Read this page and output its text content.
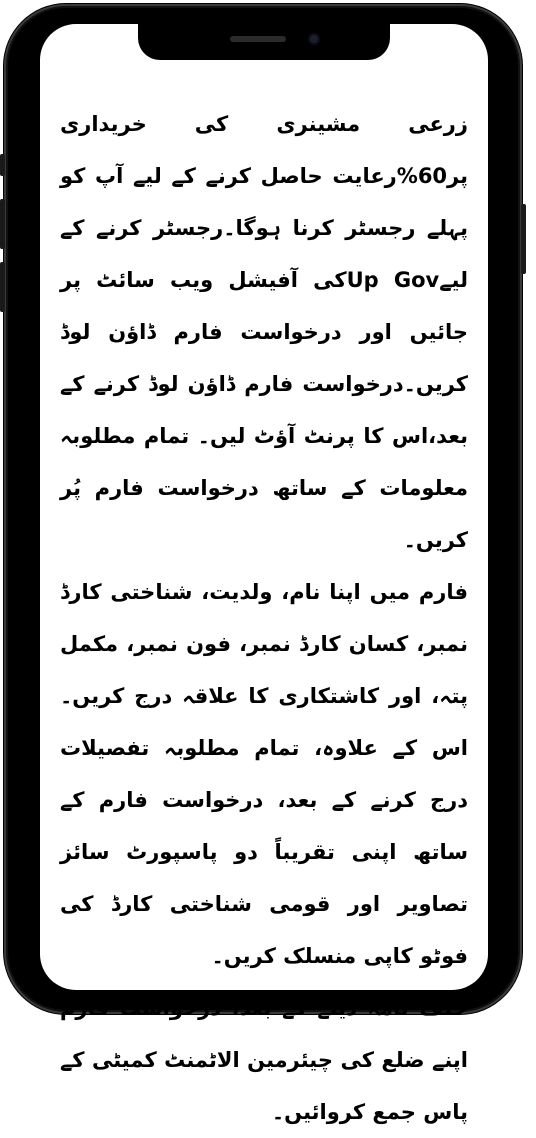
زرعی مشینری کی خریداری پر60%رعایت حاصل کرنے کے لیے آپ کو پہلے رجسٹر کرنا ہوگا۔رجسٹر کرنے کے لیےUp Govکی آفیشل ویب سائٹ پر جائیں اور درخواست فارم ڈاؤن لوڈ کریں۔درخواست فارم ڈاؤن لوڈ کرنے کے بعد،اس کا پرنٹ آؤٹ لیں۔ تمام مطلوبہ معلومات کے ساتھ درخواست فارم پُر کریں۔

فارم میں اپنا نام، ولدیت، شناختی کارڈ نمبر، کسان کارڈ نمبر، فون نمبر، مکمل پتہ، اور کاشتکاری کا علاقہ درج کریں۔ اس کے علاوہ، تمام مطلوبہ تفصیلات درج کرنے کے بعد، درخواست فارم کے ساتھ اپنی تقریباً دو پاسپورٹ سائز تصاویر اور قومی شناختی کارڈ کی فوٹو کاپی منسلک کریں۔

حلف نامہ دینے کے بعد، درخواست فارم اپنے ضلع کی چیئرمین الاٹمنٹ کمیٹی کے پاس جمع کروائیں۔
